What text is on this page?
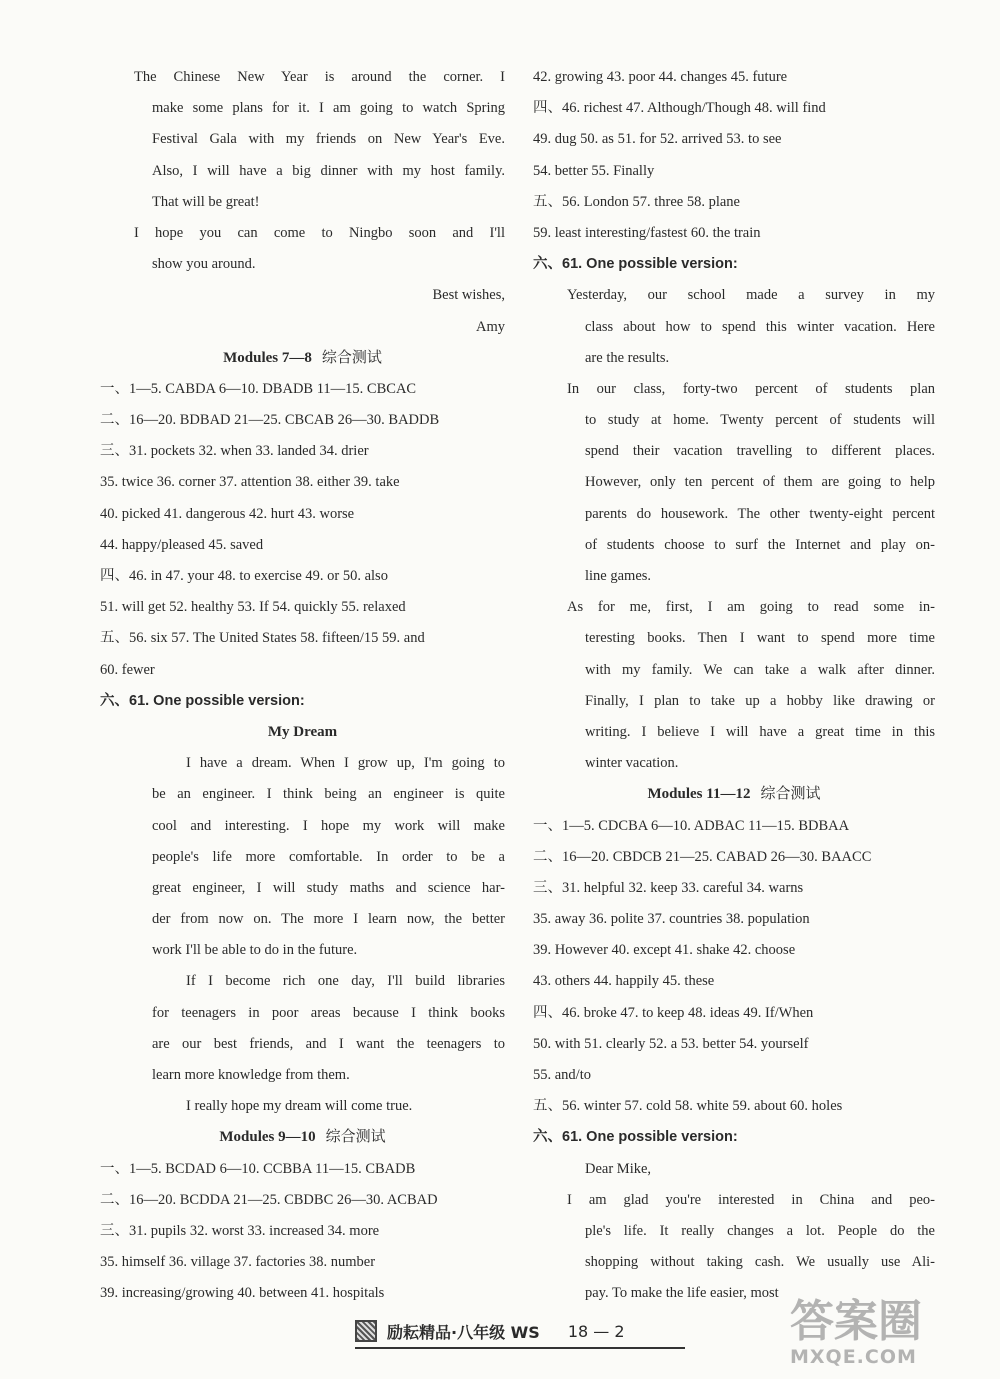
The Chinese New Year is around the corner. I
make some plans for it. I am going to watch Spring
Festival Gala with my friends on New Year's Eve.
Also, I will have a big dinner with my host family.
That will be great!
I hope you can come to Ningbo soon and I'll
show you around.
Best wishes,
Amy
Modules 7—8 综合测试
一、1—5. CABDA 6—10. DBADB 11—15. CBCAC
二、16—20. BDBAD 21—25. CBCAB 26—30. BADDB
三、31. pockets 32. when 33. landed 34. drier
35. twice 36. corner 37. attention 38. either 39. take
40. picked 41. dangerous 42. hurt 43. worse
44. happy/pleased 45. saved
四、46. in 47. your 48. to exercise 49. or 50. also
51. will get 52. healthy 53. If 54. quickly 55. relaxed
五、56. six 57. The United States 58. fifteen/15 59. and
60. fewer
六、61. One possible version:
My Dream
I have a dream. When I grow up, I'm going to
be an engineer. I think being an engineer is quite
cool and interesting. I hope my work will make
people's life more comfortable. In order to be a
great engineer, I will study maths and science har-
der from now on. The more I learn now, the better
work I'll be able to do in the future.
If I become rich one day, I'll build libraries
for teenagers in poor areas because I think books
are our best friends, and I want the teenagers to
learn more knowledge from them.
I really hope my dream will come true.
Modules 9—10 综合测试
一、1—5. BCDAD 6—10. CCBBA 11—15. CBADB
二、16—20. BCDDA 21—25. CBDBC 26—30. ACBAD
三、31. pupils 32. worst 33. increased 34. more
35. himself 36. village 37. factories 38. number
39. increasing/growing 40. between 41. hospitals
42. growing 43. poor 44. changes 45. future
四、46. richest 47. Although/Though 48. will find
49. dug 50. as 51. for 52. arrived 53. to see
54. better 55. Finally
五、56. London 57. three 58. plane
59. least interesting/fastest 60. the train
六、61. One possible version:
Yesterday, our school made a survey in my
class about how to spend this winter vacation. Here
are the results.
In our class, forty-two percent of students plan
to study at home. Twenty percent of students will
spend their vacation travelling to different places.
However, only ten percent of them are going to help
parents do housework. The other twenty-eight percent
of students choose to surf the Internet and play on-
line games.
As for me, first, I am going to read some in-
teresting books. Then I want to spend more time
with my family. We can take a walk after dinner.
Finally, I plan to take up a hobby like drawing or
writing. I believe I will have a great time in this
winter vacation.
Modules 11—12 综合测试
一、1—5. CDCBA 6—10. ADBAC 11—15. BDBAA
二、16—20. CBDCB 21—25. CABAD 26—30. BAACC
三、31. helpful 32. keep 33. careful 34. warns
35. away 36. polite 37. countries 38. population
39. However 40. except 41. shake 42. choose
43. others 44. happily 45. these
四、46. broke 47. to keep 48. ideas 49. If/When
50. with 51. clearly 52. a 53. better 54. yourself
55. and/to
五、56. winter 57. cold 58. white 59. about 60. holes
六、61. One possible version:
Dear Mike,
I am glad you're interested in China and peo-
ple's life. It really changes a lot. People do the
shopping without taking cash. We usually use Ali-
pay. To make the life easier, most
励耘精品·八年级 WS 18 — 2	答案圈
MXQE.COM
